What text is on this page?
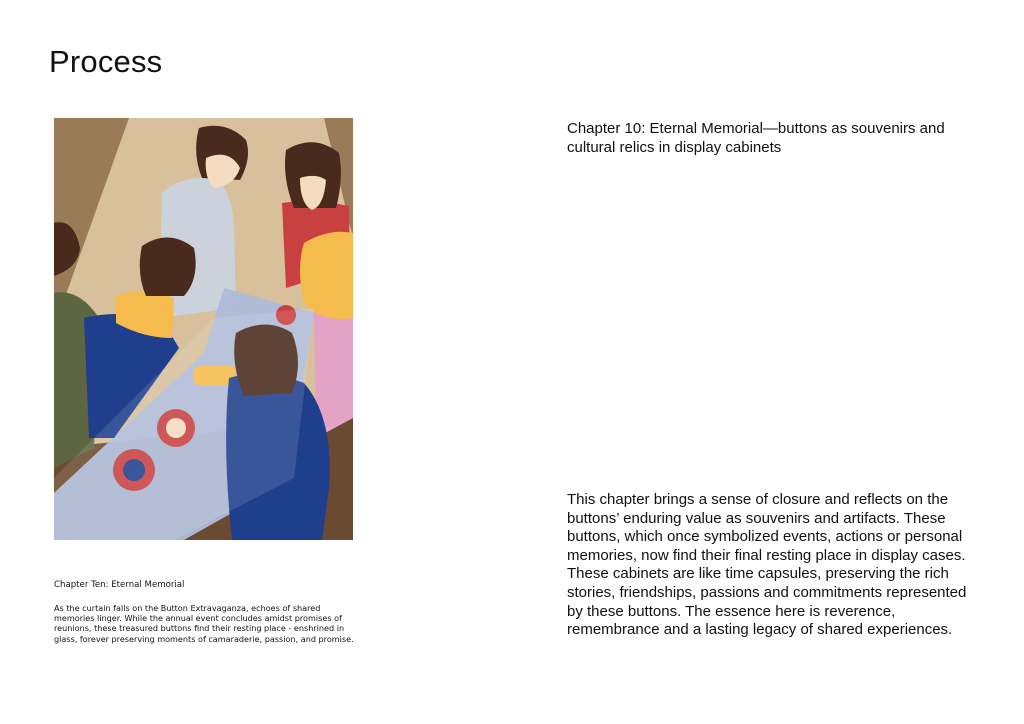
Process

Chapter Ten: Eternal Memorial

As the curtain falls on the Button Extravaganza, echoes of shared memories linger. While the annual event concludes amidst promises of reunions, these treasured buttons find their resting place - enshrined in glass, forever preserving moments of camaraderie, passion, and promise.

Chapter 10: Eternal Memorial—buttons as souvenirs and cultural relics in display cabinets

This chapter brings a sense of closure and reflects on the buttons’ enduring value as souvenirs and artifacts. These buttons, which once symbolized events, actions or personal memories, now find their final resting place in display cases. These cabinets are like time capsules, preserving the rich stories, friendships, passions and commitments represented by these buttons. The essence here is reverence, remembrance and a lasting legacy of shared experiences.
